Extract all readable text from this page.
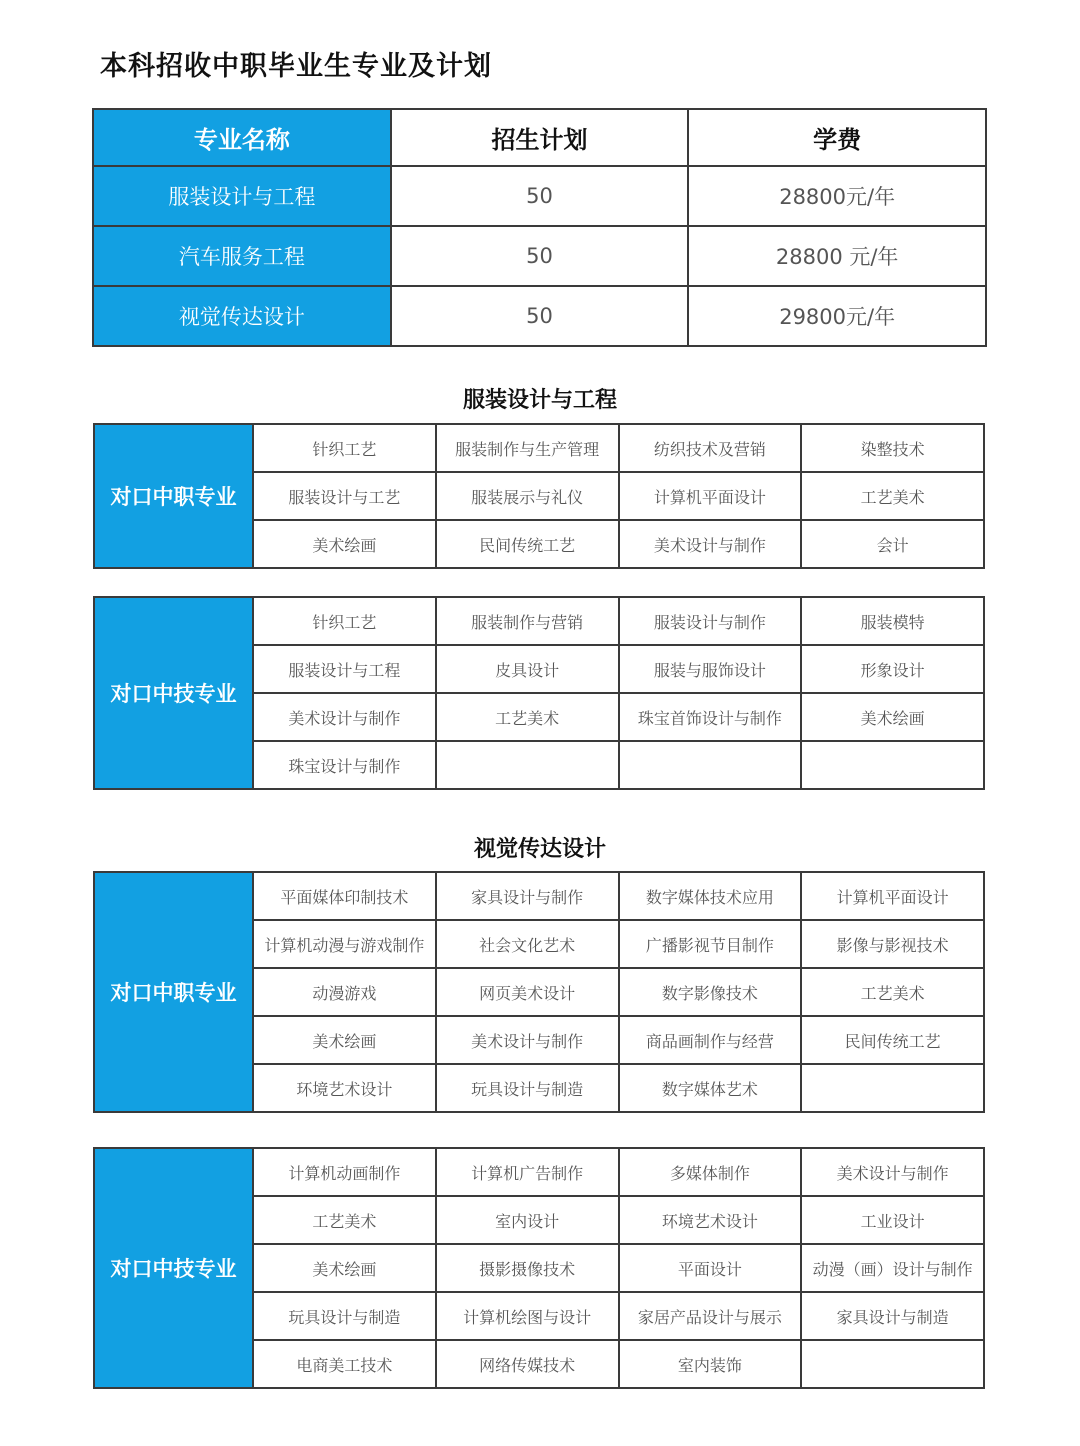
本科招收中职毕业生专业及计划
专业名称	招生计划	学费
服装设计与工程	50	28800元/年
汽车服务工程	50	28800 元/年
视觉传达设计	50	29800元/年
服装设计与工程
对口中职专业	针织工艺	服装制作与生产管理	纺织技术及营销	染整技术
	服装设计与工艺	服装展示与礼仪	计算机平面设计	工艺美术
	美术绘画	民间传统工艺	美术设计与制作	会计
对口中技专业	针织工艺	服装制作与营销	服装设计与制作	服装模特
	服装设计与工程	皮具设计	服装与服饰设计	形象设计
	美术设计与制作	工艺美术	珠宝首饰设计与制作	美术绘画
	珠宝设计与制作			
视觉传达设计
对口中职专业	平面媒体印制技术	家具设计与制作	数字媒体技术应用	计算机平面设计
	计算机动漫与游戏制作	社会文化艺术	广播影视节目制作	影像与影视技术
	动漫游戏	网页美术设计	数字影像技术	工艺美术
	美术绘画	美术设计与制作	商品画制作与经营	民间传统工艺
	环境艺术设计	玩具设计与制造	数字媒体艺术	
对口中技专业	计算机动画制作	计算机广告制作	多媒体制作	美术设计与制作
	工艺美术	室内设计	环境艺术设计	工业设计
	美术绘画	摄影摄像技术	平面设计	动漫（画）设计与制作
	玩具设计与制造	计算机绘图与设计	家居产品设计与展示	家具设计与制造
	电商美工技术	网络传媒技术	室内装饰	
